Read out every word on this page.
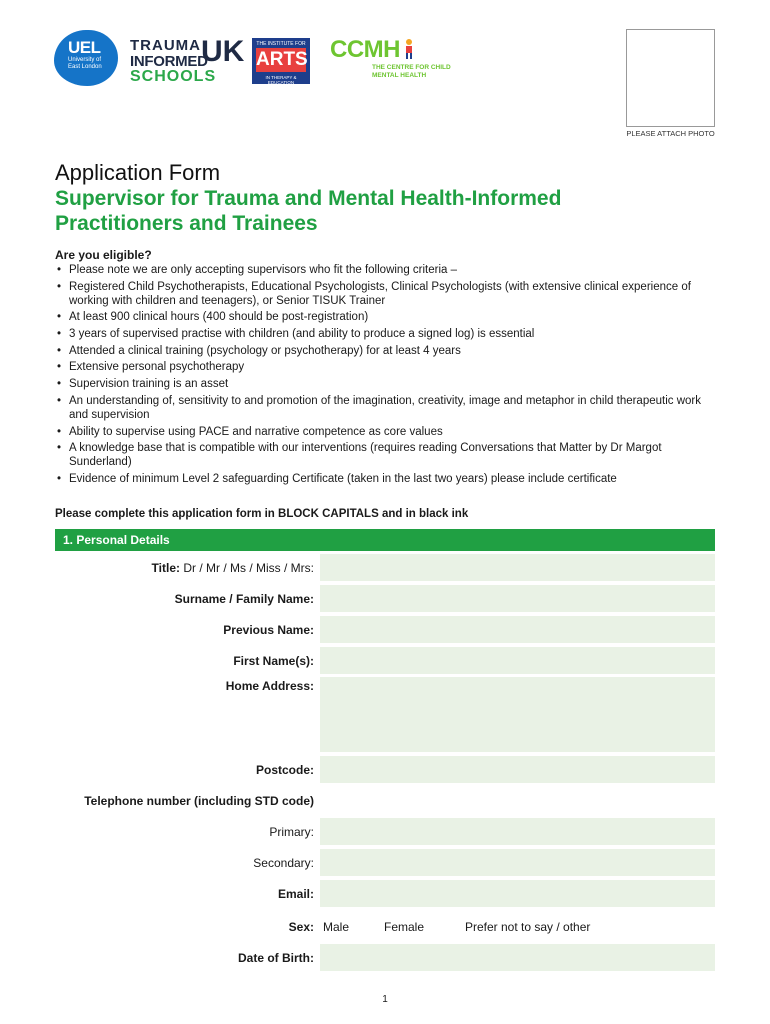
UEL
University of East London
TRAUMA
INFORMED
UK
SCHOOLS
THE INSTITUTE FOR
ARTS
IN THERAPY & EDUCATION
CCMH
THE CENTRE FOR CHILD MENTAL HEALTH
PLEASE ATTACH PHOTO
Application Form
Supervisor for Trauma and Mental Health-Informed Practitioners and Trainees
Are you eligible?
• Please note we are only accepting supervisors who fit the following criteria –
• Registered Child Psychotherapists, Educational Psychologists, Clinical Psychologists (with extensive clinical experience of working with children and teenagers), or Senior TISUK Trainer
• At least 900 clinical hours (400 should be post-registration)
• 3 years of supervised practise with children (and ability to produce a signed log) is essential
• Attended a clinical training (psychology or psychotherapy) for at least 4 years
• Extensive personal psychotherapy
• Supervision training is an asset
• An understanding of, sensitivity to and promotion of the imagination, creativity, image and metaphor in child therapeutic work and supervision
• Ability to supervise using PACE and narrative competence as core values
• A knowledge base that is compatible with our interventions (requires reading Conversations that Matter by Dr Margot Sunderland)
• Evidence of minimum Level 2 safeguarding Certificate (taken in the last two years) please include certificate
Please complete this application form in BLOCK CAPITALS and in black ink
1. Personal Details
Title: Dr / Mr / Ms / Miss / Mrs:
Surname / Family Name:
Previous Name:
First Name(s):
Home Address:
Postcode:
Telephone number (including STD code)
Primary:
Secondary:
Email:
Sex: Male	Female	Prefer not to say / other
Date of Birth:
1
